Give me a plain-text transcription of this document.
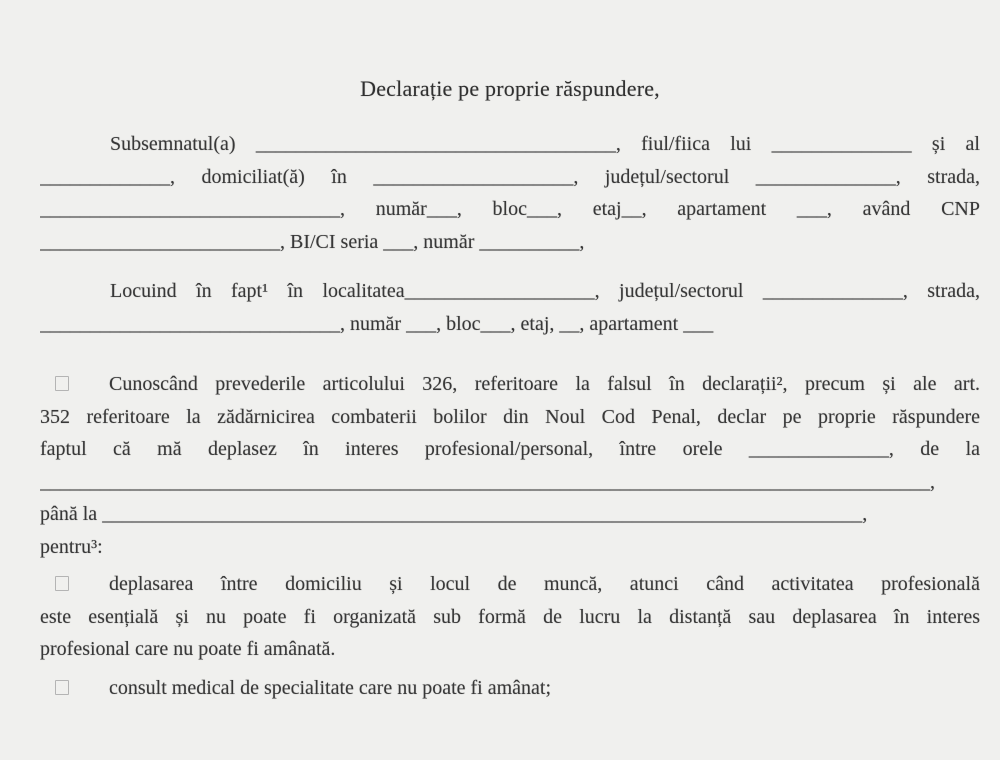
Declarație pe proprie răspundere,
Subsemnatul(a) ____________________________________, fiul/fiica lui ______________ și al
_____________, domiciliat(ă) în ____________________, județul/sectorul ______________, strada,
______________________________, număr___, bloc___, etaj__, apartament ___, având CNP
________________________, BI/CI seria ___, număr __________,
Locuind în fapt¹ în localitatea___________________, județul/sectorul ______________, strada,
______________________________, număr ___, bloc___, etaj, __, apartament ___
Cunoscând prevederile articolului 326, referitoare la falsul în declarații², precum și ale art.
352 referitoare la zădărnicirea combaterii bolilor din Noul Cod Penal, declar pe proprie răspundere
faptul că mă deplasez în interes profesional/personal, între orele ______________, de la
_________________________________________________________________________________________,
până la ____________________________________________________________________________,
pentru³:
deplasarea între domiciliu și locul de muncă, atunci când activitatea profesională
este esențială și nu poate fi organizată sub formă de lucru la distanță sau deplasarea în interes
profesional care nu poate fi amânată.
consult medical de specialitate care nu poate fi amânat;
